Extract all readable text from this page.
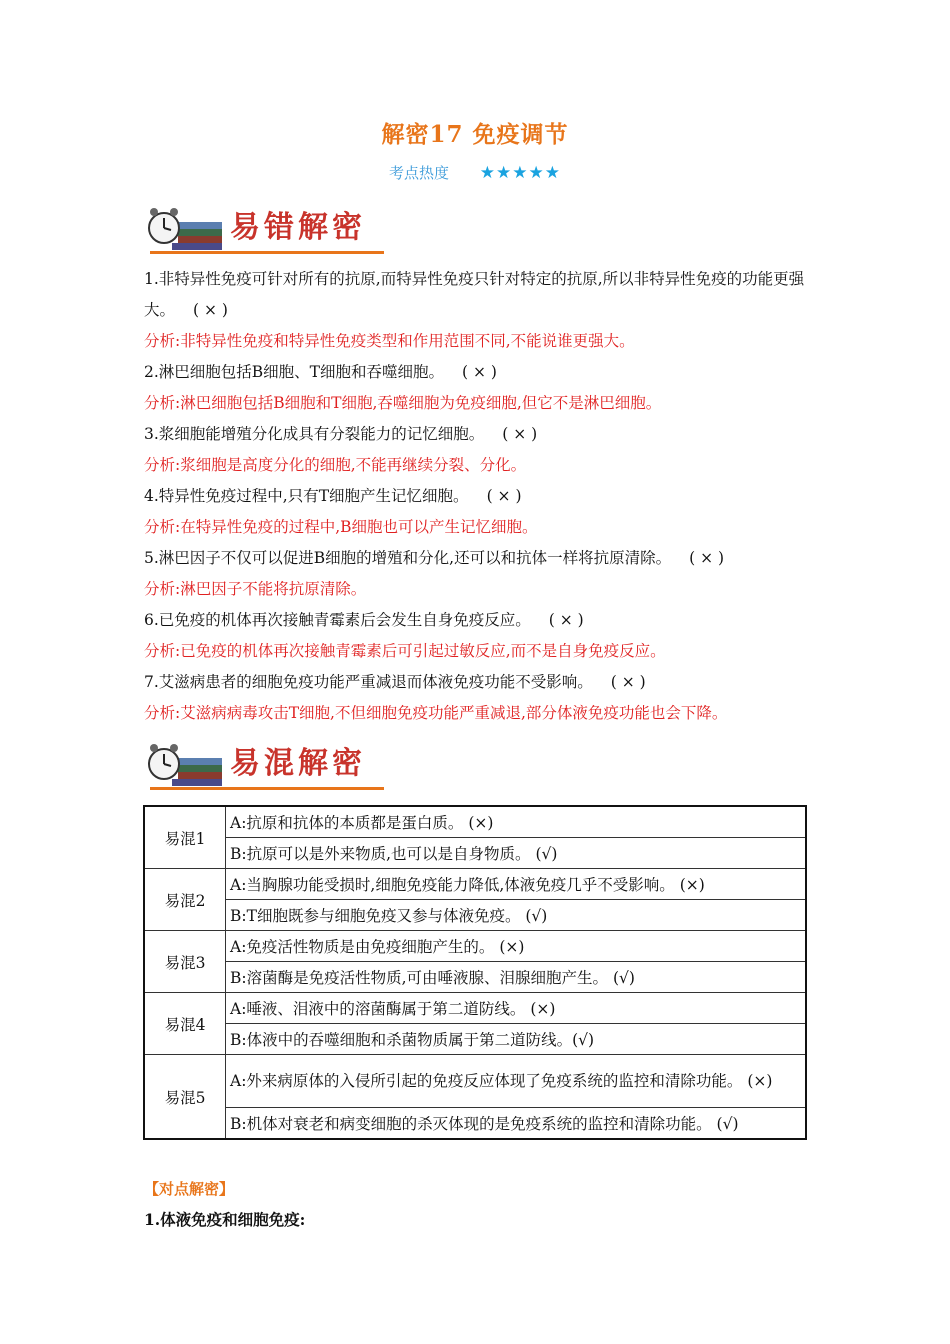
解密17 免疫调节
考点热度 ★★★★★
易错解密

1.非特异性免疫可针对所有的抗原,而特异性免疫只针对特定的抗原,所以非特异性免疫的功能更强大。 ( × )

分析:非特异性免疫和特异性免疫类型和作用范围不同,不能说谁更强大。

2.淋巴细胞包括B细胞、T细胞和吞噬细胞。 ( × )

分析:淋巴细胞包括B细胞和T细胞,吞噬细胞为免疫细胞,但它不是淋巴细胞。

3.浆细胞能增殖分化成具有分裂能力的记忆细胞。 ( × )

分析:浆细胞是高度分化的细胞,不能再继续分裂、分化。

4.特异性免疫过程中,只有T细胞产生记忆细胞。 ( × )

分析:在特异性免疫的过程中,B细胞也可以产生记忆细胞。

5.淋巴因子不仅可以促进B细胞的增殖和分化,还可以和抗体一样将抗原清除。 ( × )

分析:淋巴因子不能将抗原清除。

6.已免疫的机体再次接触青霉素后会发生自身免疫反应。 ( × )

分析:已免疫的机体再次接触青霉素后可引起过敏反应,而不是自身免疫反应。

7.艾滋病患者的细胞免疫功能严重减退而体液免疫功能不受影响。 ( × )

分析:艾滋病病毒攻击T细胞,不但细胞免疫功能严重减退,部分体液免疫功能也会下降。

易混解密
易混1	A:抗原和抗体的本质都是蛋白质。 (×)
	B:抗原可以是外来物质,也可以是自身物质。 (√)
易混2	A:当胸腺功能受损时,细胞免疫能力降低,体液免疫几乎不受影响。 (×)
	B:T细胞既参与细胞免疫又参与体液免疫。 (√)
易混3	A:免疫活性物质是由免疫细胞产生的。 (×)
	B:溶菌酶是免疫活性物质,可由唾液腺、泪腺细胞产生。 (√)
易混4	A:唾液、泪液中的溶菌酶属于第二道防线。 (×)
	B:体液中的吞噬细胞和杀菌物质属于第二道防线。(√)
易混5	A:外来病原体的入侵所引起的免疫反应体现了免疫系统的监控和清除功能。 (×)
	B:机体对衰老和病变细胞的杀灭体现的是免疫系统的监控和清除功能。 (√)
【对点解密】
1.体液免疫和细胞免疫:
